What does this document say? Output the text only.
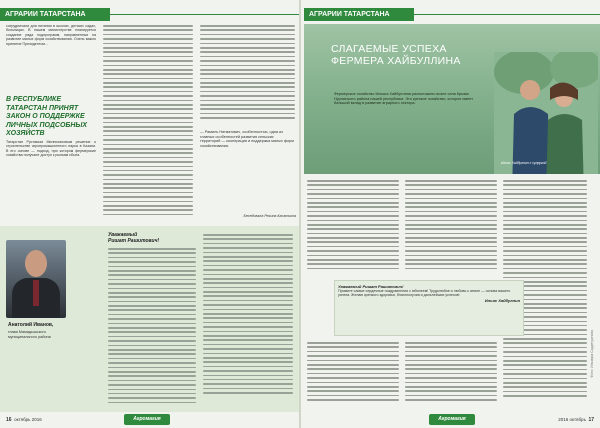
АГРАРИИ ТАТАРСТАНА
сотрудничали для питания в школах, детских садах, больницах. В нашем министерстве планируется создание ряда подпрограмм, направленных на развитие малых форм хозяйствования. Очень важно принятие Президентом...
В РЕСПУБЛИКЕ ТАТАРСТАН ПРИНЯТ ЗАКОН О ПОДДЕРЖКЕ ЛИЧНЫХ ПОДСОБНЫХ ХОЗЯЙСТВ
Татарстан Рустамом Миннихановым решение о строительстве агропромышленного парка в Казани. В его основе — подход, при котором фермерские хозяйства получают доступ к рынкам сбыта.
— Рамиль Нигматович, особенностью, одна из главных особенностей развития сельских территорий — кооперация и поддержка малых форм хозяйствования.
Беседовала Регина Касаткина
Уважаемый
Ришат Рашитович!
Анатолий Иванов,
глава Мамадышского муниципального района
16 октябрь 2016	Агромагия
АГРАРИИ ТАТАРСТАНА
СЛАГАЕМЫЕ УСПЕХА ФЕРМЕРА ХАЙБУЛЛИНА
Фермерское хозяйство Ильяса Хайбуллина расположено возле села Крыма Нурлатского района нашей республики. Это крепкое хозяйство, которое имеет большой вклад в развитие аграрного сектора.
Ильяс Хайбуллин с супругой
Уважаемый Ришат Рашитович!
Примите самые сердечные поздравления с юбилеем! Трудолюбие и любовь к земле — основа вашего успеха. Желаю крепкого здоровья, благополучия и дальнейших успехов!
Ильяс Хайбуллин
Фото: Ильмира Садретдинова
Агромагия	2016 октябрь 17
